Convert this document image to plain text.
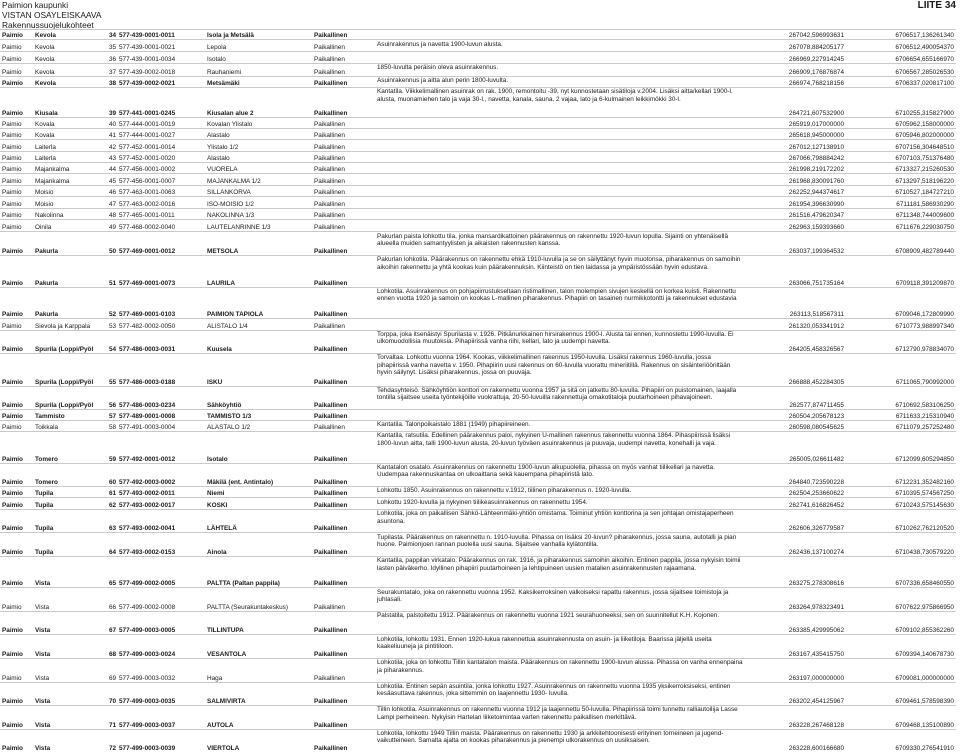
Paimion kaupunki
VISTAN OSAYLEISKAAVA
Rakennussuojelukohteet
LIITE 34
Paimio	Kevola	34	577-439-0001-0011	Isola ja Metsälä	Paikallinen		267042,596993631	6706517,136261340
Paimio	Kevola	35	577-439-0001-0021	Lepola	Paikallinen	Asuinrakennus ja navetta 1900-luvun alusta.	267078,884205177	6706512,490054370
Paimio	Kevola	36	577-439-0001-0034	Isotalo	Paikallinen		266969,227914245	6706654,655166970
Paimio	Kevola	37	577-439-0002-0018	Rauhaniemi	Paikallinen	1850-luvulta peräisin oleva asuinrakennus.	266909,176876874	6706567,285026530
Paimio	Kevola	38	577-439-0002-0021	Metsämäki	Paikallinen	Asuinrakennus ja aitta alun perin 1800-luvulta.	266974,768218156	6706337,020817100
Paimio	Kiusala	39	577-441-0001-0245	Kiusalan alue 2	Paikallinen	Kantatila. Viikkelimallinen asuinrak on rak. 1900, remontoitu -39, nyt kunnostetaan sisätiloja v.2004. Lisäksi aitta/kellari 1900-l. alusta, muonamiehen talo ja vaja 30-l., navetta, kanala, sauna, 2 vajaa, lato ja 6-kulmainen leikkimökki 30-l.	264721,607532900	6710255,315827900
Paimio	Kovala	40	577-444-0001-0019	Kovalan Ylistalo	Paikallinen		265919,017000000	6705962,158000000
Paimio	Kovala	41	577-444-0001-0027	Alastalo	Paikallinen		265618,945000000	6705946,802000000
Paimio	Laiterla	42	577-452-0001-0014	Ylistalo 1/2	Paikallinen		267012,127138910	6707156,304648510
Paimio	Laiterla	43	577-452-0001-0020	Alastalo	Paikallinen		267066,798884242	6707103,751376480
Paimio	Majankalma	44	577-456-0001-0002	VUORELA	Paikallinen		261998,219172202	6713327,215260530
Paimio	Majankalma	45	577-456-0001-0007	MAJANKALMA 1/2	Paikallinen		261968,830091760	6713297,518196220
Paimio	Moisio	46	577-463-0001-0063	SILLANKORVA	Paikallinen		262252,944374617	6710527,184727210
Paimio	Moisio	47	577-463-0002-0016	ISO-MOISIO 1/2	Paikallinen		261954,396630990	6711181,586930290
Paimio	Nakolinna	48	577-465-0001-0011	NAKOLINNA 1/3	Paikallinen		261516,479620347	6711348,744009600
Paimio	Oinila	49	577-468-0002-0040	LAUTELANRINNE 1/3	Paikallinen		262963,159393660	6711676,229030750
Paimio	Pakurla	50	577-469-0001-0012	METSOLA	Paikallinen	Pakurlan paista lohkottu tila, jonka mansardikattoinen päärakennus on rakennettu 1920-luvun lopulla. Sijainti on yhtenäisellä alueella muiden samantyylisten ja aikaisten rakennusten kanssa.	263037,199364532	6708909,482789440
Paimio	Pakurla	51	577-469-0001-0073	LAURILA	Paikallinen	Pakurlan lohkotila. Päärakennus on rakennettu ehkä 1910-luvulla ja se on säilyttänyt hyvin muotonsa, piharakennus on samoihin aikoihin rakennettu ja yhtä kookas kuin päärakennuksin. Kiinteistö on tien laidassa ja ympäristössään hyvin edustava.	263066,751735164	6709118,391209870
Paimio	Pakurla	52	577-469-0001-0103	PAIMION TAPIOLA	Paikallinen	Lohkotila. Asuinrakennus on pohjapiirrustukseltaan ristimallinen, talon molempien sivujen keskellä on korkea kuisti. Rakennettu ennen vuotta 1920 ja samoin on kookas L-mallinen piharakennus. Pihapiiri on tasainen nurmikkotontti ja rakennukset edustavia	263113,518567311	6709046,172809990
Paimio	Sievola ja Karppala	53	577-482-0002-0050	ALISTALO 1/4	Paikallinen		261320,053341912	6710773,988997340
Paimio	Spurila (Loppi/Pyöl	54	577-486-0003-0031	Kuusela	Paikallinen	Torppa, joka itsenäistyi Spurilasta v. 1926. Pitkänurkkainen hirsirakennus 1900-l. Alusta tai ennen, kunnostettu 1990-luvulla. Ei ulkomuodollisia muutoksia. Pihapiirissä vanha riihi, kellari, lato ja uudempi navetta.	264205,458326567	6712790,978834070
Paimio	Spurila (Loppi/Pyöl	55	577-486-0003-0188	ISKU	Paikallinen	Torvaltaa. Lohkottu vuonna 1964. Kookas, viikkelimallinen rakennus 1950-luvulla. Lisäksi rakennus 1960-luvulla, jossa pihapiirissä vanha navetta v. 1950. Pihapiirin uusi rakennus on 60-luvulla vuorattu mineriitillä. Rakennus on sisäinteriööriltään hyvin säilynyt. Lisäksi piharakennus, jossa on puuvaja.	266888,452284305	6711065,790992000
Paimio	Spurila (Loppi/Pyöl	56	577-486-0003-0234	Sähköyhtiö	Paikallinen	Tehdasyhteisö. Sähköyhtiön konttori on rakennettu vuonna 1957 ja sitä on jatkettu 80-luvulla. Pihapiiri on puistomainen, laajalla tontilla sijaitsee useita työntekijöille vuokrattuja, 20-50-luvuilla rakennettuja omakotitaloja puutarhoineen pihavajoineen.	262577,874711455	6710692,583106250
Paimio	Tammisto	57	577-489-0001-0008	TAMMISTO 1/3	Paikallinen		260504,205678123	6711633,215310940
Paimio	Toikkala	58	577-491-0003-0004	ALASTALO 1/2	Paikallinen	Kantatila. Talonpoikaistalo 1881 (1949) pihapiireineen.	260598,080545625	6711079,257252480
Paimio	Tomero	59	577-492-0001-0012	Isotalo	Paikallinen	Kantatila, ratsutila. Edellinen päärakennus paloi, nykyinen U-mallinen rakennus rakennettu vuonna 1864. Pihaspiirissä lisäksi 1800-luvun aitta, talli 1900-luvun alusta, 20-luvun työväen asuinrakennus ja puuvaja, uudempi navetta, konehalli ja vaja.	265005,026611482	6712099,605294850
Paimio	Tomero	60	577-492-0003-0002	Mäkilä (ent. Antintalo)	Paikallinen	Kantatalon osatalo. Asuinrakennus on rakennettu 1900-luvun alkupuolella, pihassa on myös vanhat tiilikellari ja navetta. Uudempaa rakennuskantaa on ulkoaittana sekä kauempana pihapiiristä lato.	264840,723590228	6712231,352482160
Paimio	Tupila	61	577-493-0002-0011	Niemi	Paikallinen	Lohkottu 1850. Asuinrakennus on rakennettu v.1912, tiilinen piharakennus n. 1920-luvulla.	262504,253660622	6710395,574567250
Paimio	Tupila	62	577-493-0002-0017	KOSKI	Paikallinen	Lohkottu 1920-luvulla ja nykyinen tiilikeasuinrakennus on rakennettu 1954.	262741,616826452	6710243,575145630
Paimio	Tupila	63	577-493-0002-0041	LÄHTELÄ	Paikallinen	Lohkotila, joka on paikallisen Sähkö-Lähteenmäki-yhtiön omistama. Toiminut yhtiön konttorina ja sen johtajan omistajaperheen asuntona.	262606,326779587	6710262,762120520
Paimio	Tupila	64	577-493-0002-0153	Ainola	Paikallinen	Tupilasta. Päärakennus on rakennettu n. 1910-luvulla. Pihassa on lisäksi 20-luvun? piharakennus, jossa sauna, autotalli ja pian huone. Paimionjoen rannan puolella uusi sauna. Sijaitsee vanhalla kylätontilla.	262436,137100274	6710438,730579220
Paimio	Vista	65	577-499-0002-0005	PALTTA (Paltan pappila)	Paikallinen	Kantatila, pappilan virkatalo. Päärakennus on rak. 1916, ja piharakennus samoihin aikoihin. Entinen pappila, jossa nykyisin toimii lasten päiväkerho. Idyllinen pihapiiri puutarhoineen ja lehtipuineen uusien matalien asuinrakennusten rajaamana.	263275,278308616	6707336,658460550
Paimio	Vista	66	577-499-0002-0008	PALTTA (Seurakuntakeskus)	Paikallinen	Seurakuntatalo, joka on rakennettu vuonna 1952. Kaksikerroksinen valkoiseksi rapattu rakennus, jossa sijaitsee toimistoja ja juhlasali.	263264,978323491	6707622,975866950
Paimio	Vista	67	577-499-0003-0005	TILLINTUPA	Paikallinen	Palstatila, palstoitettu 1912. Päärakennus on rakennettu vuonna 1921 seurahuoneeksi, sen on suunnitellut K.H. Kojonen.	263385,429995062	6709102,855362260
Paimio	Vista	68	577-499-0003-0024	VESANTOLA	Paikallinen	Lohkotila, lohkottu 1931. Ennen 1920-lukua rakennettua asuinrakennusta on asuin- ja liiketiloja. Baarissa jäljellä useita kaakeliuuneja ja pintitiloon.	263167,435415750	6709394,140678730
Paimio	Vista	69	577-499-0003-0032	Haga	Paikallinen	Lohkotila, joka on lohkottu Tillin kantatalon maista. Päärakennus on rakennettu 1900-luvun alussa. Pihassa on vanha ennenpaina ja piharakennus.	263197,000000000	6709081,000000000
Paimio	Vista	70	577-499-0003-0035	SALMIVIRTA	Paikallinen	Lohkotila. Entinen sepän asuintila, jonka lohkottu 1927. Asuinrakennus on rakennettu vuonna 1935 yksikerroksiseksi, entinen kesäasuttava rakennus, joka sittemmin on laajennettu 1930- luvulla.	263202,454125967	6709461,578598390
Paimio	Vista	71	577-499-0003-0037	AUTOLA	Paikallinen	Tillin lohkotila. Asuinrakennus on rakennettu vuonna 1912 ja laajennettu 50-luvulla. Pihapiirissä toimi tunnettu ralliautoilija Lasse Lampi perheineen. Nykyisin Hartelan liiketoimintaa varten rakennettu paikallisen merkittävä.	263228,267468128	6709468,135100890
Paimio	Vista	72	577-499-0003-0039	VIERTOLA	Paikallinen	Lohkotila, lohkottu 1949 Tillin maista. Päärakennus on rakennettu 1930 ja arkkitehtoonisesti erityinen torneineen ja jugend-vaikutteineen. Samalta ajalta on kookas piharakennus ja pienempi ulkorakennus on uusiksaisen.	263228,600166680	6709330,276541910
